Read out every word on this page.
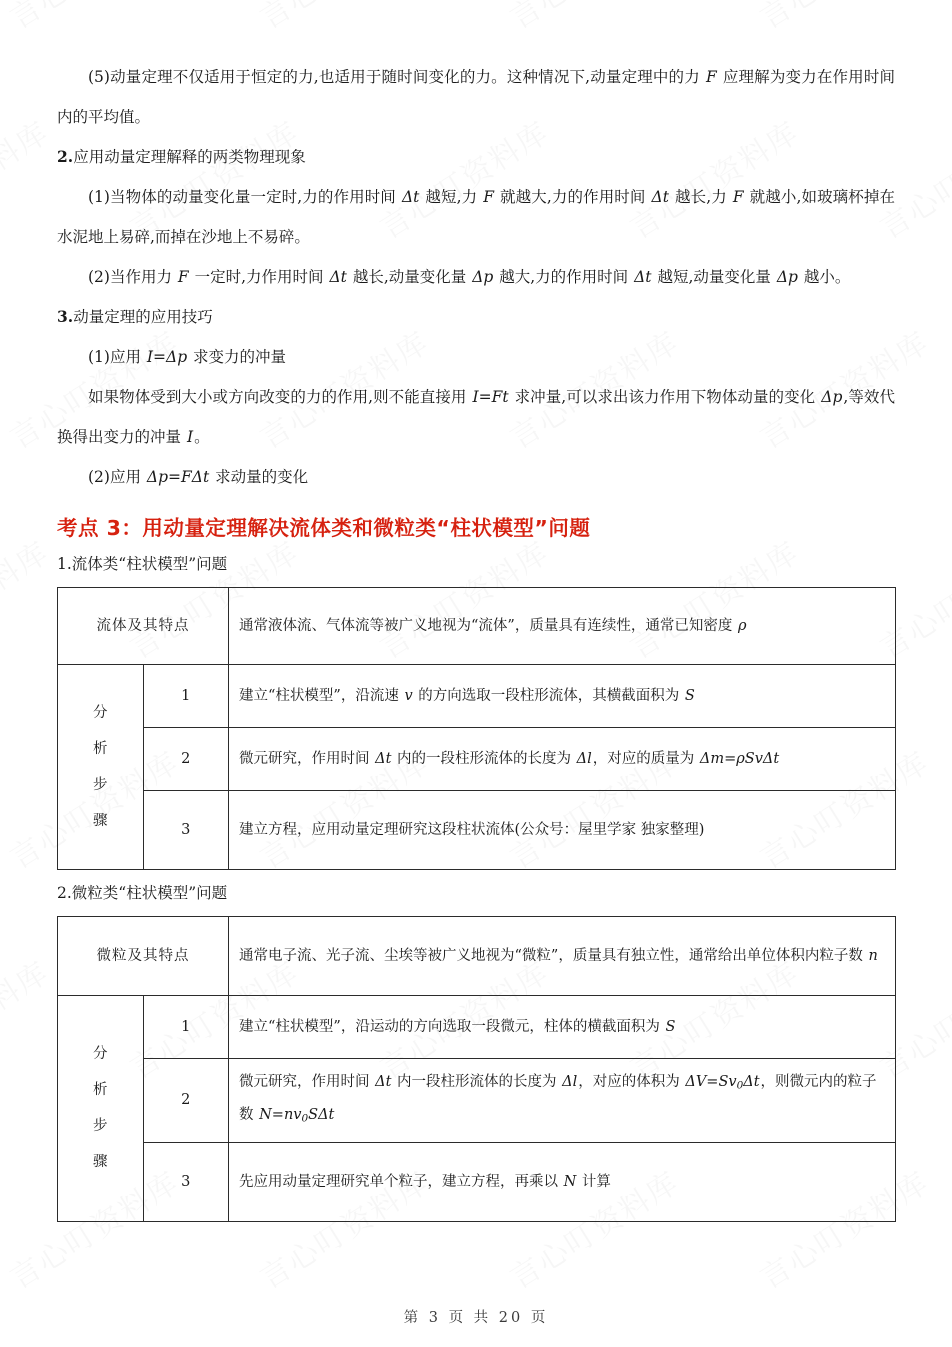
(5)动量定理不仅适用于恒定的力,也适用于随时间变化的力。这种情况下,动量定理中的力 F 应理解为变力在作用时间内的平均值。

2.应用动量定理解释的两类物理现象

(1)当物体的动量变化量一定时,力的作用时间 Δt 越短,力 F 就越大,力的作用时间 Δt 越长,力 F 就越小,如玻璃杯掉在水泥地上易碎,而掉在沙地上不易碎。

(2)当作用力 F 一定时,力作用时间 Δt 越长,动量变化量 Δp 越大,力的作用时间 Δt 越短,动量变化量 Δp 越小。

3.动量定理的应用技巧

(1)应用 I=Δp 求变力的冲量

如果物体受到大小或方向改变的力的作用,则不能直接用 I=Ft 求冲量,可以求出该力作用下物体动量的变化 Δp,等效代换得出变力的冲量 I。

(2)应用 Δp=FΔt 求动量的变化

考点 3：用动量定理解决流体类和微粒类“柱状模型”问题
1.流体类“柱状模型”问题
流体及其特点		通常液体流、气体流等被广义地视为“流体”，质量具有连续性，通常已知密度 ρ
分
析
步
骤	1	建立“柱状模型”，沿流速 v 的方向选取一段柱形流体，其横截面积为 S
	2	微元研究，作用时间 Δt 内的一段柱形流体的长度为 Δl，对应的质量为 Δm=ρSvΔt
	3	建立方程，应用动量定理研究这段柱状流体(公众号：屋里学家 独家整理)
2.微粒类“柱状模型”问题
微粒及其特点		通常电子流、光子流、尘埃等被广义地视为“微粒”，质量具有独立性，通常给出单位体积内粒子数 n
分
析
步
骤	1	建立“柱状模型”，沿运动的方向选取一段微元，柱体的横截面积为 S
	2	微元研究，作用时间 Δt 内一段柱形流体的长度为 Δl，对应的体积为 $\Delta V=Sv_0\Delta t$，则微元内的粒子数 $N=nv_0S\Delta t$
	3	先应用动量定理研究单个粒子，建立方程，再乘以 N 计算
第 3 页 共 20 页
